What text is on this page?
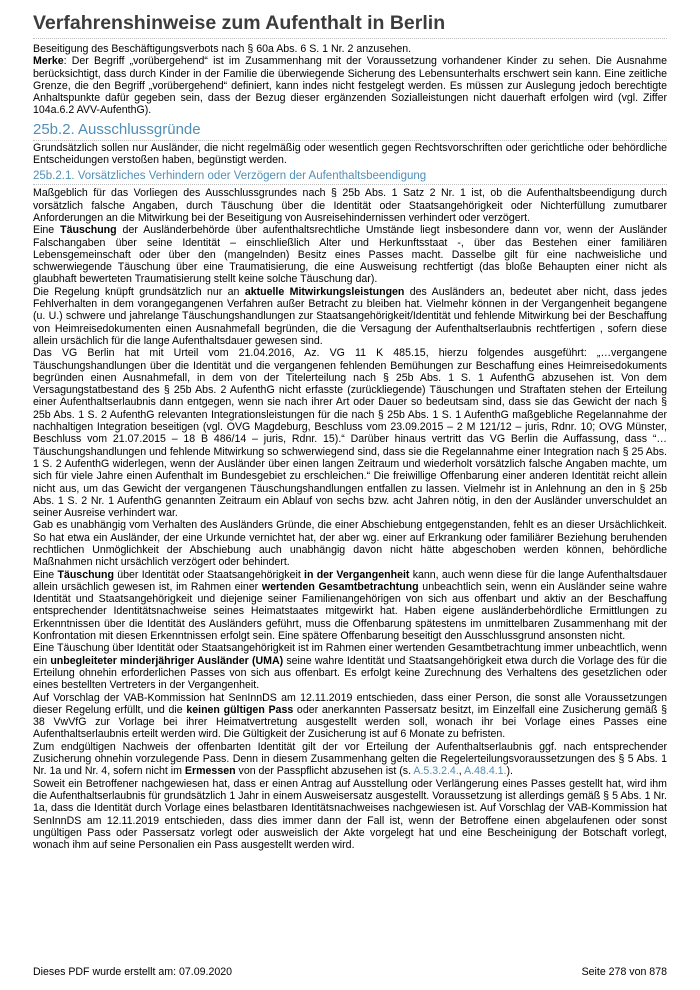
Verfahrenshinweise zum Aufenthalt in Berlin

Beseitigung des Beschäftigungsverbots nach § 60a Abs. 6 S. 1 Nr. 2 anzusehen.

Merke: Der Begriff „vorübergehend“ ist im Zusammenhang mit der Voraussetzung vorhandener Kinder zu sehen. Die Ausnahme berücksichtigt, dass durch Kinder in der Familie die überwiegende Sicherung des Lebensunterhalts erschwert sein kann. Eine zeitliche Grenze, die den Begriff „vorübergehend“ definiert, kann indes nicht festgelegt werden. Es müssen zur Auslegung jedoch berechtigte Anhaltspunkte dafür gegeben sein, dass der Bezug dieser ergänzenden Sozialleistungen nicht dauerhaft erfolgen wird (vgl. Ziffer 104a.6.2 AVV-AufenthG).

25b.2. Ausschlussgründe

Grundsätzlich sollen nur Ausländer, die nicht regelmäßig oder wesentlich gegen Rechtsvorschriften oder gerichtliche oder behördliche Entscheidungen verstoßen haben, begünstigt werden.

25b.2.1. Vorsätzliches Verhindern oder Verzögern der Aufenthaltsbeendigung

Maßgeblich für das Vorliegen des Ausschlussgrundes nach § 25b Abs. 1 Satz 2 Nr. 1 ist, ob die Aufenthaltsbeendigung durch vorsätzlich falsche Angaben, durch Täuschung über die Identität oder Staatsangehörigkeit oder Nichterfüllung zumutbarer Anforderungen an die Mitwirkung bei der Beseitigung von Ausreisehindernissen verhindert oder verzögert.

Eine Täuschung der Ausländerbehörde über aufenthaltsrechtliche Umstände liegt insbesondere dann vor, wenn der Ausländer Falschangaben über seine Identität – einschließlich Alter und Herkunftsstaat -, über das Bestehen einer familiären Lebensgemeinschaft oder über den (mangelnden) Besitz eines Passes macht. Dasselbe gilt für eine nachweisliche und schwerwiegende Täuschung über eine Traumatisierung, die eine Ausweisung rechtfertigt (das bloße Behaupten einer nicht als glaubhaft bewerteten Traumatisierung stellt keine solche Täuschung dar).

Die Regelung knüpft grundsätzlich nur an aktuelle Mitwirkungsleistungen des Ausländers an, bedeutet aber nicht, dass jedes Fehlverhalten in dem vorangegangenen Verfahren außer Betracht zu bleiben hat. Vielmehr können in der Vergangenheit begangene (u. U.) schwere und jahrelange Täuschungshandlungen zur Staatsangehörigkeit/Identität und fehlende Mitwirkung bei der Beschaffung von Heimreisedokumenten einen Ausnahmefall begründen, die die Versagung der Aufenthaltserlaubnis rechtfertigen , sofern diese allein ursächlich für die lange Aufenthaltsdauer gewesen sind.

Das VG Berlin hat mit Urteil vom 21.04.2016, Az. VG 11 K 485.15, hierzu folgendes ausgeführt: „…vergangene Täuschungshandlungen über die Identität und die vergangenen fehlenden Bemühungen zur Beschaffung eines Heimreisedokuments begründen einen Ausnahmefall, in dem von der Titelerteilung nach § 25b Abs. 1 S. 1 AufenthG abzusehen ist. Von dem Versagungstatbestand des § 25b Abs. 2 AufenthG nicht erfasste (zurückliegende) Täuschungen und Straftaten stehen der Erteilung einer Aufenthaltserlaubnis dann entgegen, wenn sie nach ihrer Art oder Dauer so bedeutsam sind, dass sie das Gewicht der nach § 25b Abs. 1 S. 2 AufenthG relevanten Integrationsleistungen für die nach § 25b Abs. 1 S. 1 AufenthG maßgebliche Regelannahme der nachhaltigen Integration beseitigen (vgl. OVG Magdeburg, Beschluss vom 23.09.2015 – 2 M 121/12 – juris, Rdnr. 10; OVG Münster, Beschluss vom 21.07.2015 – 18 B 486/14 – juris, Rdnr. 15).“ Darüber hinaus vertritt das VG Berlin die Auffassung, dass “…Täuschungshandlungen und fehlende Mitwirkung so schwerwiegend sind, dass sie die Regelannahme einer Integration nach § 25 Abs. 1 S. 2 AufenthG widerlegen, wenn der Ausländer über einen langen Zeitraum und wiederholt vorsätzlich falsche Angaben machte, um sich für viele Jahre einen Aufenthalt im Bundesgebiet zu erschleichen.“ Die freiwillige Offenbarung einer anderen Identität reicht allein nicht aus, um das Gewicht der vergangenen Täuschungshandlungen entfallen zu lassen. Vielmehr ist in Anlehnung an den in § 25b Abs. 1 S. 2 Nr. 1 AufenthG genannten Zeitraum ein Ablauf von sechs bzw. acht Jahren nötig, in den der Ausländer unverschuldet an seiner Ausreise verhindert war.

Gab es unabhängig vom Verhalten des Ausländers Gründe, die einer Abschiebung entgegenstanden, fehlt es an dieser Ursächlichkeit. So hat etwa ein Ausländer, der eine Urkunde vernichtet hat, der aber wg. einer auf Erkrankung oder familiärer Beziehung beruhenden rechtlichen Unmöglichkeit der Abschiebung auch unabhängig davon nicht hätte abgeschoben werden können, behördliche Maßnahmen nicht ursächlich verzögert oder behindert.

Eine Täuschung über Identität oder Staatsangehörigkeit in der Vergangenheit kann, auch wenn diese für die lange Aufenthaltsdauer allein ursächlich gewesen ist, im Rahmen einer wertenden Gesamtbetrachtung unbeachtlich sein, wenn ein Ausländer seine wahre Identität und Staatsangehörigkeit und diejenige seiner Familienangehörigen von sich aus offenbart und aktiv an der Beschaffung entsprechender Identitätsnachweise seines Heimatstaates mitgewirkt hat. Haben eigene ausländerbehördliche Ermittlungen zu Erkenntnissen über die Identität des Ausländers geführt, muss die Offenbarung spätestens im unmittelbaren Zusammenhang mit der Konfrontation mit diesen Erkenntnissen erfolgt sein. Eine spätere Offenbarung beseitigt den Ausschlussgrund ansonsten nicht.

Eine Täuschung über Identität oder Staatsangehörigkeit ist im Rahmen einer wertenden Gesamtbetrachtung immer unbeachtlich, wenn ein unbegleiteter minderjähriger Ausländer (UMA) seine wahre Identität und Staatsangehörigkeit etwa durch die Vorlage des für die Erteilung ohnehin erforderlichen Passes von sich aus offenbart. Es erfolgt keine Zurechnung des Verhaltens des gesetzlichen oder eines bestellten Vertreters in der Vergangenheit.

Auf Vorschlag der VAB-Kommission hat SenInnDS am 12.11.2019 entschieden, dass einer Person, die sonst alle Voraussetzungen dieser Regelung erfüllt, und die keinen gültigen Pass oder anerkannten Passersatz besitzt, im Einzelfall eine Zusicherung gemäß § 38 VwVfG zur Vorlage bei ihrer Heimatvertretung ausgestellt werden soll, wonach ihr bei Vorlage eines Passes eine Aufenthaltserlaubnis erteilt werden wird. Die Gültigkeit der Zusicherung ist auf 6 Monate zu befristen.

Zum endgültigen Nachweis der offenbarten Identität gilt der vor Erteilung der Aufenthaltserlaubnis ggf. nach entsprechender Zusicherung ohnehin vorzulegende Pass. Denn in diesem Zusammenhang gelten die Regelerteilungsvoraussetzungen des § 5 Abs. 1 Nr. 1a und Nr. 4, sofern nicht im Ermessen von der Passpflicht abzusehen ist (s. A.5.3.2.4., A.48.4.1.).

Soweit ein Betroffener nachgewiesen hat, dass er einen Antrag auf Ausstellung oder Verlängerung eines Passes gestellt hat, wird ihm die Aufenthaltserlaubnis für grundsätzlich 1 Jahr in einem Ausweisersatz ausgestellt. Voraussetzung ist allerdings gemäß § 5 Abs. 1 Nr. 1a, dass die Identität durch Vorlage eines belastbaren Identitätsnachweises nachgewiesen ist. Auf Vorschlag der VAB-Kommission hat SenInnDS am 12.11.2019 entschieden, dass dies immer dann der Fall ist, wenn der Betroffene einen abgelaufenen oder sonst ungültigen Pass oder Passersatz vorlegt oder ausweislich der Akte vorgelegt hat und eine Bescheinigung der Botschaft vorlegt, wonach ihm auf seine Personalien ein Pass ausgestellt werden wird.

Dieses PDF wurde erstellt am: 07.09.2020	Seite 278 von 878
